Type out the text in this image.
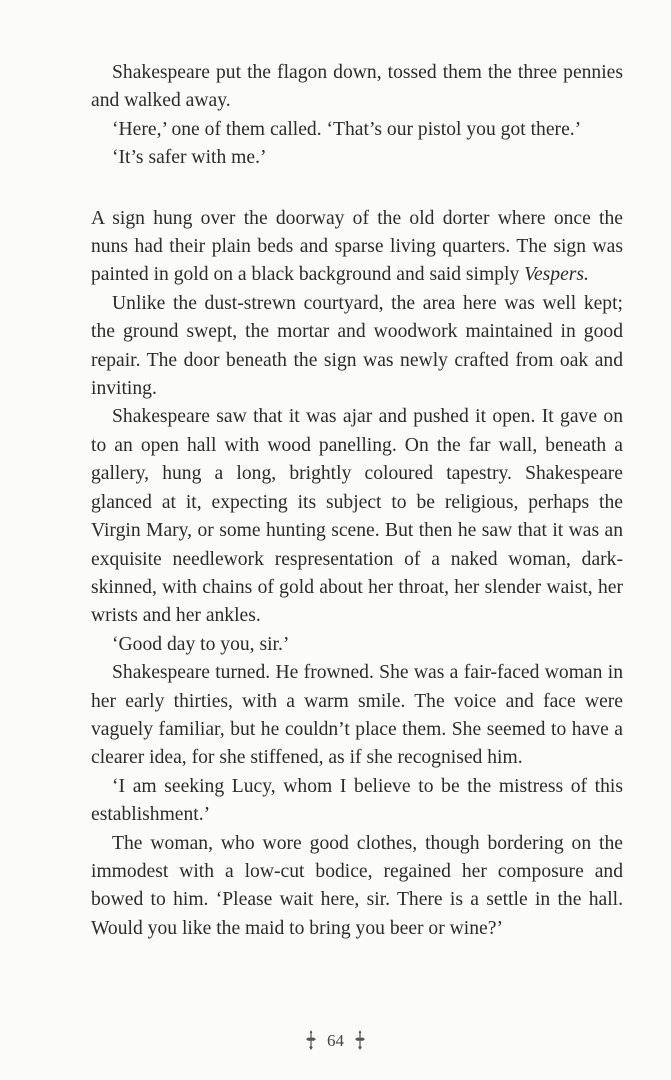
Shakespeare put the flagon down, tossed them the three pennies and walked away.

‘Here,’ one of them called. ‘That’s our pistol you got there.’

‘It’s safer with me.’

A sign hung over the doorway of the old dorter where once the nuns had their plain beds and sparse living quarters. The sign was painted in gold on a black background and said simply Vespers.

Unlike the dust-strewn courtyard, the area here was well kept; the ground swept, the mortar and woodwork maintained in good repair. The door beneath the sign was newly crafted from oak and inviting.

Shakespeare saw that it was ajar and pushed it open. It gave on to an open hall with wood panelling. On the far wall, beneath a gallery, hung a long, brightly coloured tapestry. Shakespeare glanced at it, expecting its subject to be religious, perhaps the Virgin Mary, or some hunting scene. But then he saw that it was an exquisite needlework respresentation of a naked woman, dark-skinned, with chains of gold about her throat, her slender waist, her wrists and her ankles.

‘Good day to you, sir.’

Shakespeare turned. He frowned. She was a fair-faced woman in her early thirties, with a warm smile. The voice and face were vaguely familiar, but he couldn’t place them. She seemed to have a clearer idea, for she stiffened, as if she recognised him.

‘I am seeking Lucy, whom I believe to be the mistress of this establishment.’

The woman, who wore good clothes, though bordering on the immodest with a low-cut bodice, regained her composure and bowed to him. ‘Please wait here, sir. There is a settle in the hall. Would you like the maid to bring you beer or wine?’

64
